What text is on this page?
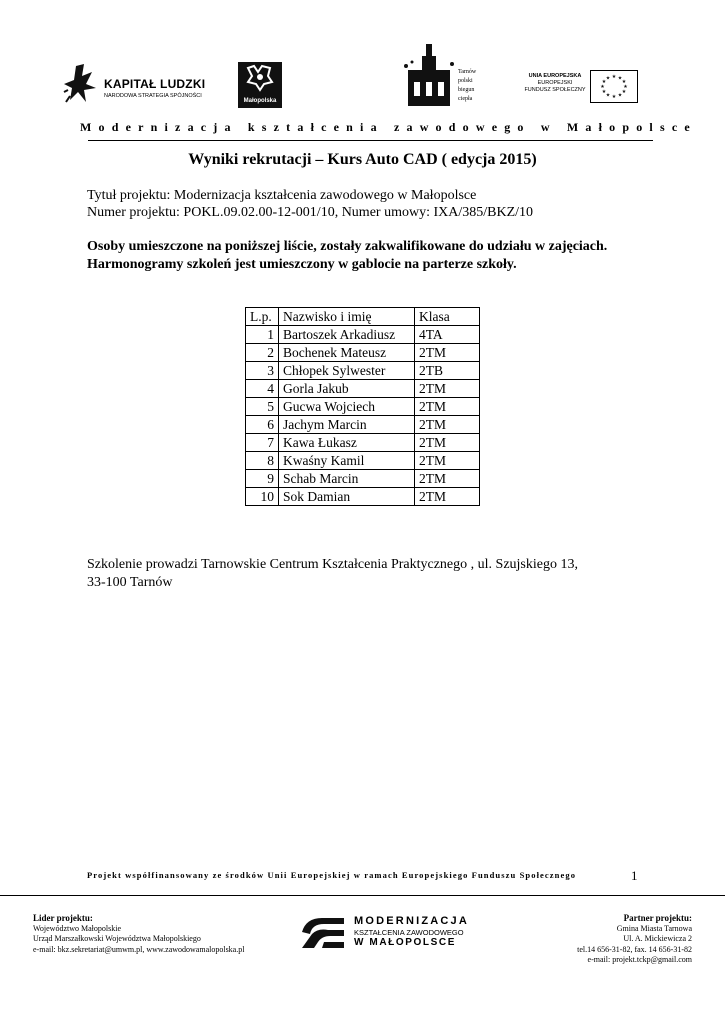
KAPITAŁ LUDZKI
NARODOWA STRATEGIA SPÓJNOŚCI
Małopolska
Tarnów
polski
biegun
ciepła
UNIA EUROPEJSKA
EUROPEJSKI
FUNDUSZ SPOŁECZNY
★ ★
★
★
★
★
★
★
★
★
★
★
Modernizacja kształcenia zawodowego w Małopolsce
Wyniki rekrutacji – Kurs Auto CAD ( edycja 2015)
Tytuł projektu: Modernizacja kształcenia zawodowego w Małopolsce
Numer projektu: POKL.09.02.00-12-001/10, Numer umowy: IXA/385/BKZ/10
Osoby umieszczone na poniższej liście, zostały zakwalifikowane do udziału w zajęciach.
Harmonogramy szkoleń jest umieszczony w gablocie na parterze szkoły.
L.p.	Nazwisko i imię	Klasa
1	Bartoszek Arkadiusz	4TA
2	Bochenek Mateusz	2TM
3	Chłopek Sylwester	2TB
4	Gorla Jakub	2TM
5	Gucwa Wojciech	2TM
6	Jachym Marcin	2TM
7	Kawa Łukasz	2TM
8	Kwaśny Kamil	2TM
9	Schab Marcin	2TM
10	Sok Damian	2TM
Szkolenie prowadzi Tarnowskie Centrum Kształcenia Praktycznego , ul. Szujskiego 13,
33-100 Tarnów
Projekt współfinansowany ze środków Unii Europejskiej w ramach Europejskiego Funduszu Społecznego	1
Lider projektu:
Województwo Małopolskie
Urząd Marszałkowski Województwa Małopolskiego
e-mail: bkz.sekretariat@umwm.pl, www.zawodowamalopolska.pl
MODERNIZACJA
KSZTAŁCENIA ZAWODOWEGO
W MAŁOPOLSCE
Partner projektu:
Gmina Miasta Tarnowa
Ul. A. Mickiewicza 2
tel.14 656-31-82, fax. 14 656-31-82
e-mail: projekt.tckp@gmail.com
